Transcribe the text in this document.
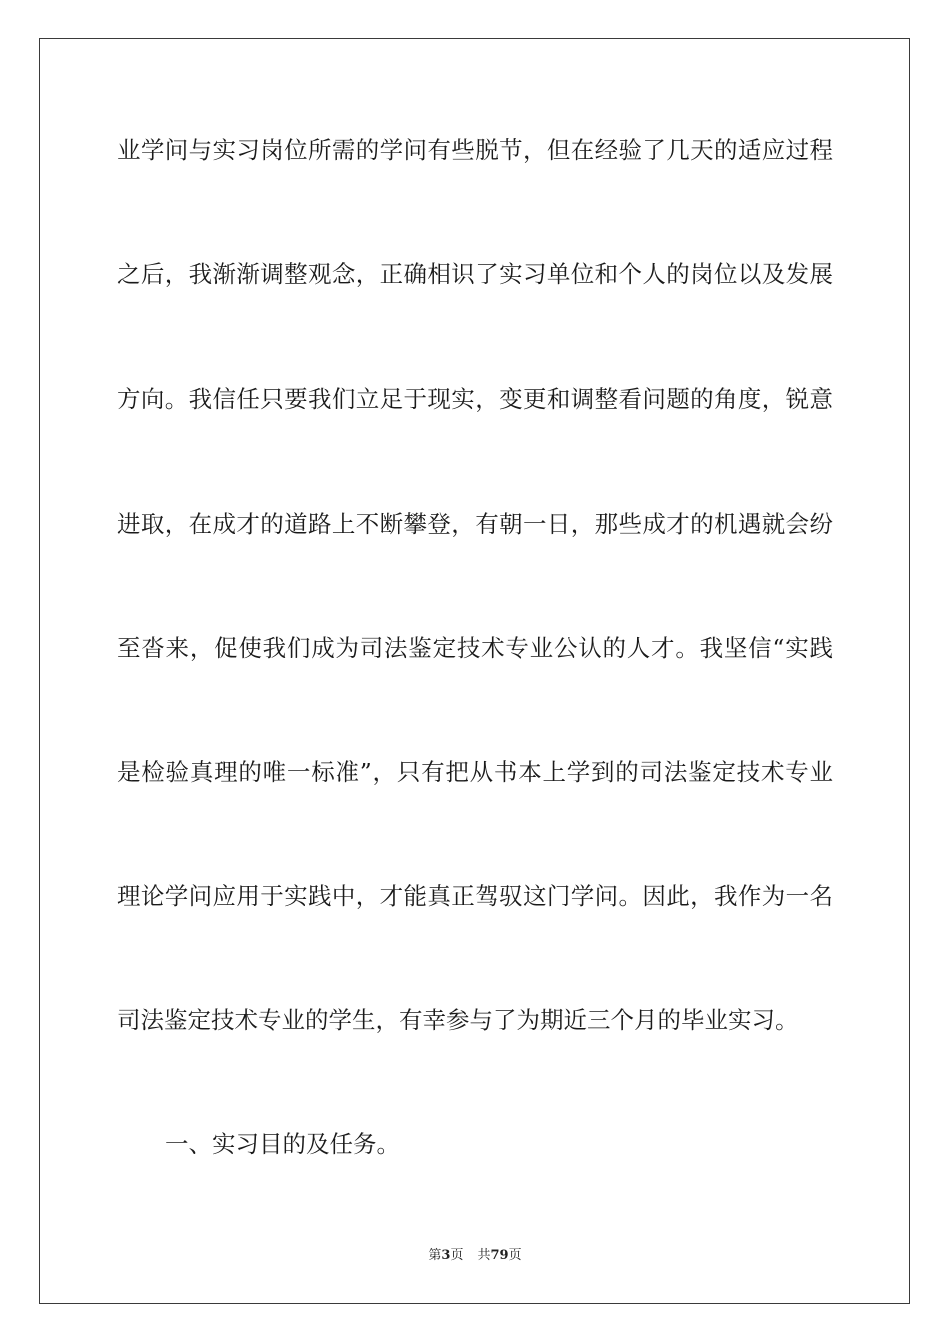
业学问与实习岗位所需的学问有些脱节，但在经验了几天的适应过程
之后，我渐渐调整观念，正确相识了实习单位和个人的岗位以及发展
方向。我信任只要我们立足于现实，变更和调整看问题的角度，锐意
进取，在成才的道路上不断攀登，有朝一日，那些成才的机遇就会纷
至沓来，促使我们成为司法鉴定技术专业公认的人才。我坚信“实践
是检验真理的唯一标准”，只有把从书本上学到的司法鉴定技术专业
理论学问应用于实践中，才能真正驾驭这门学问。因此，我作为一名
司法鉴定技术专业的学生，有幸参与了为期近三个月的毕业实习。
一、实习目的及任务。
第3页 共79页
